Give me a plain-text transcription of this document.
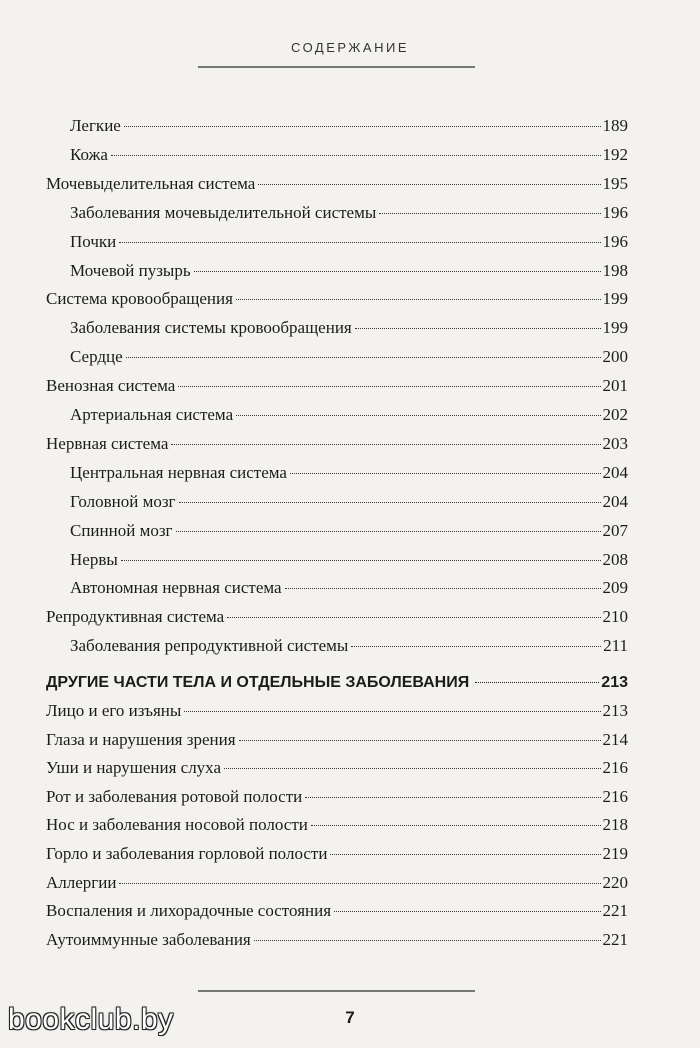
СОДЕРЖАНИЕ
Легкие	189
Кожа	192
Мочевыделительная система	195
Заболевания мочевыделительной системы	196
Почки	196
Мочевой пузырь	198
Система кровообращения	199
Заболевания системы кровообращения	199
Сердце	200
Венозная система	201
Артериальная система	202
Нервная система	203
Центральная нервная система	204
Головной мозг	204
Спинной мозг	207
Нервы	208
Автономная нервная система	209
Репродуктивная система	210
Заболевания репродуктивной системы	211
ДРУГИЕ ЧАСТИ ТЕЛА И ОТДЕЛЬНЫЕ ЗАБОЛЕВАНИЯ	213
Лицо и его изъяны	213
Глаза и нарушения зрения	214
Уши и нарушения слуха	216
Рот и заболевания ротовой полости	216
Нос и заболевания носовой полости	218
Горло и заболевания горловой полости	219
Аллергии	220
Воспаления и лихорадочные состояния	221
Аутоиммунные заболевания	221
7
bookclub.by
